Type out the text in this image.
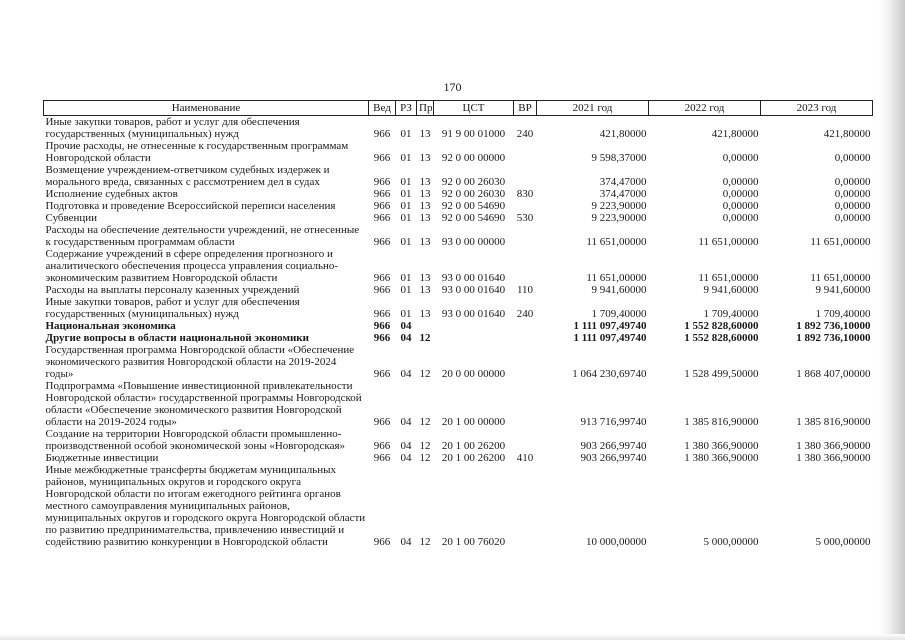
170
Наименование	Вед	РЗ	Пр	ЦСТ	ВР	2021 год	2022 год	2023 год
Иные закупки товаров, работ и услуг для обеспечения государственных (муниципальных) нужд	966	01	13	91 9 00 01000	240	421,80000	421,80000	421,80000
Прочие расходы, не отнесенные к государственным программам Новгородской области	966	01	13	92 0 00 00000		9 598,37000	0,00000	0,00000
Возмещение учреждением-ответчиком судебных издержек и морального вреда, связанных с рассмотрением дел в судах	966	01	13	92 0 00 26030		374,47000	0,00000	0,00000
Исполнение судебных актов	966	01	13	92 0 00 26030	830	374,47000	0,00000	0,00000
Подготовка и проведение Всероссийской переписи населения	966	01	13	92 0 00 54690		9 223,90000	0,00000	0,00000
Субвенции	966	01	13	92 0 00 54690	530	9 223,90000	0,00000	0,00000
Расходы на обеспечение деятельности учреждений, не отнесенные к государственным программам области	966	01	13	93 0 00 00000		11 651,00000	11 651,00000	11 651,00000
Содержание учреждений в сфере определения прогнозного и аналитического обеспечения процесса управления социально-экономическим развитием Новгородской области	966	01	13	93 0 00 01640		11 651,00000	11 651,00000	11 651,00000
Расходы на выплаты персоналу казенных учреждений	966	01	13	93 0 00 01640	110	9 941,60000	9 941,60000	9 941,60000
Иные закупки товаров, работ и услуг для обеспечения государственных (муниципальных) нужд	966	01	13	93 0 00 01640	240	1 709,40000	1 709,40000	1 709,40000
Национальная экономика	966	04				1 111 097,49740	1 552 828,60000	1 892 736,10000
Другие вопросы в области национальной экономики	966	04	12			1 111 097,49740	1 552 828,60000	1 892 736,10000
Государственная программа Новгородской области «Обеспечение экономического развития Новгородской области на 2019-2024 годы»	966	04	12	20 0 00 00000		1 064 230,69740	1 528 499,50000	1 868 407,00000
Подпрограмма «Повышение инвестиционной привлекательности Новгородской области» государственной программы Новгородской области «Обеспечение экономического развития Новгородской области на 2019-2024 годы»	966	04	12	20 1 00 00000		913 716,99740	1 385 816,90000	1 385 816,90000
Создание на территории Новгородской области промышленно-производственной особой экономической зоны «Новгородская»	966	04	12	20 1 00 26200		903 266,99740	1 380 366,90000	1 380 366,90000
Бюджетные инвестиции	966	04	12	20 1 00 26200	410	903 266,99740	1 380 366,90000	1 380 366,90000
Иные межбюджетные трансферты бюджетам муниципальных районов, муниципальных округов и городского округа Новгородской области по итогам ежегодного рейтинга органов местного самоуправления муниципальных районов, муниципальных округов и городского округа Новгородской области по развитию предпринимательства, привлечению инвестиций и содействию развитию конкуренции в Новгородской области	966	04	12	20 1 00 76020		10 000,00000	5 000,00000	5 000,00000
